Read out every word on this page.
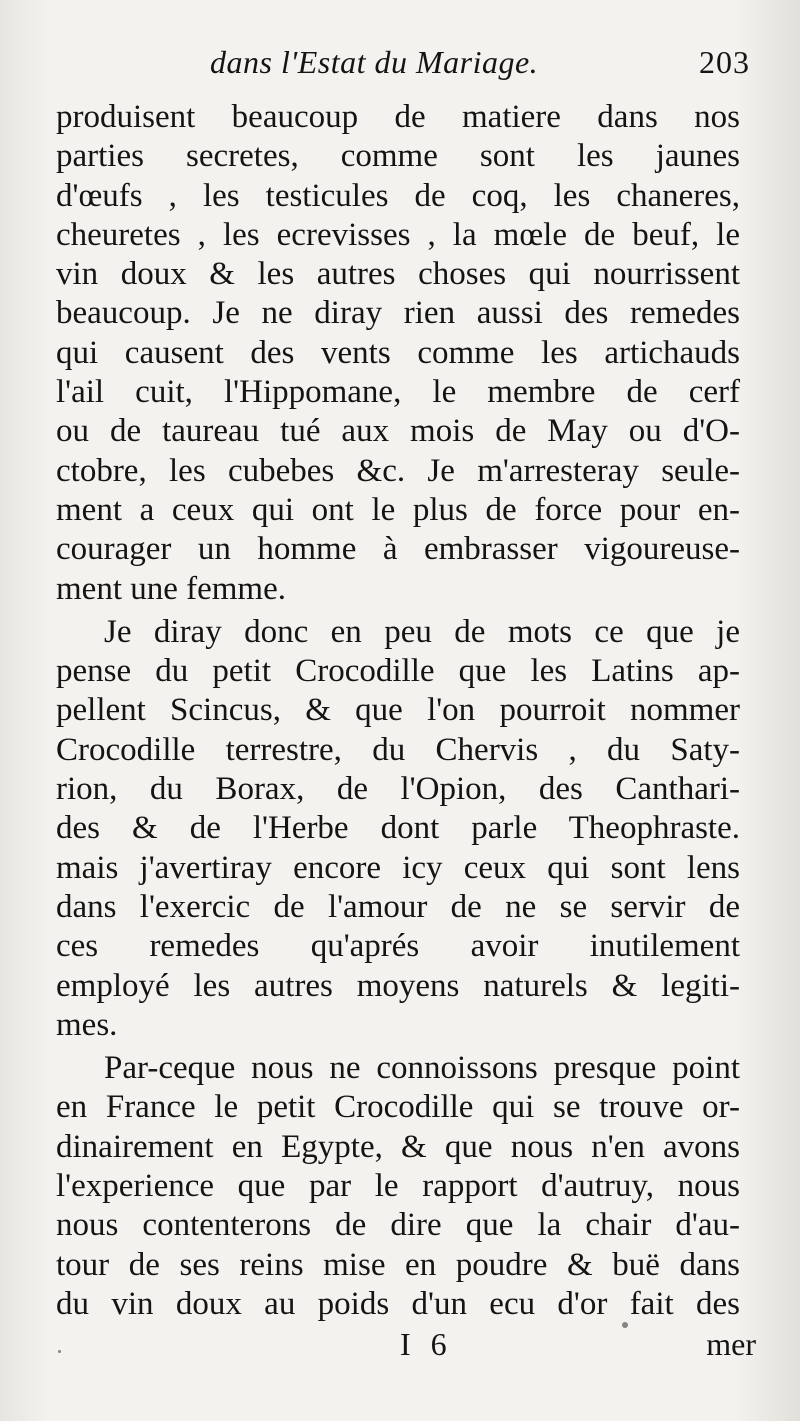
dans l'Estat du Mariage.	203
produisent beaucoup de matiere dans nos
parties secretes, comme sont les jaunes
d'œufs , les testicules de coq, les chaneres,
cheuretes , les ecrevisses , la mœle de beuf, le
vin doux & les autres choses qui nourrissent
beaucoup. Je ne diray rien aussi des remedes
qui causent des vents comme les artichauds
l'ail cuit, l'Hippomane, le membre de cerf
ou de taureau tué aux mois de May ou d'O-
ctobre, les cubebes &c. Je m'arresteray seule-
ment a ceux qui ont le plus de force pour en-
courager un homme à embrasser vigoureuse-
ment une femme.
Je diray donc en peu de mots ce que je
pense du petit Crocodille que les Latins ap-
pellent Scincus, & que l'on pourroit nommer
Crocodille terrestre, du Chervis , du Saty-
rion, du Borax, de l'Opion, des Canthari-
des & de l'Herbe dont parle Theophraste.
mais j'avertiray encore icy ceux qui sont lens
dans l'exercic de l'amour de ne se servir de
ces remedes qu'aprés avoir inutilement
employé les autres moyens naturels & legiti-
mes.
Par-ceque nous ne connoissons presque point
en France le petit Crocodille qui se trouve or-
dinairement en Egypte, & que nous n'en avons
l'experience que par le rapport d'autruy, nous
nous contenterons de dire que la chair d'au-
tour de ses reins mise en poudre & buë dans
du vin doux au poids d'un ecu d'or fait des
I 6	mer
